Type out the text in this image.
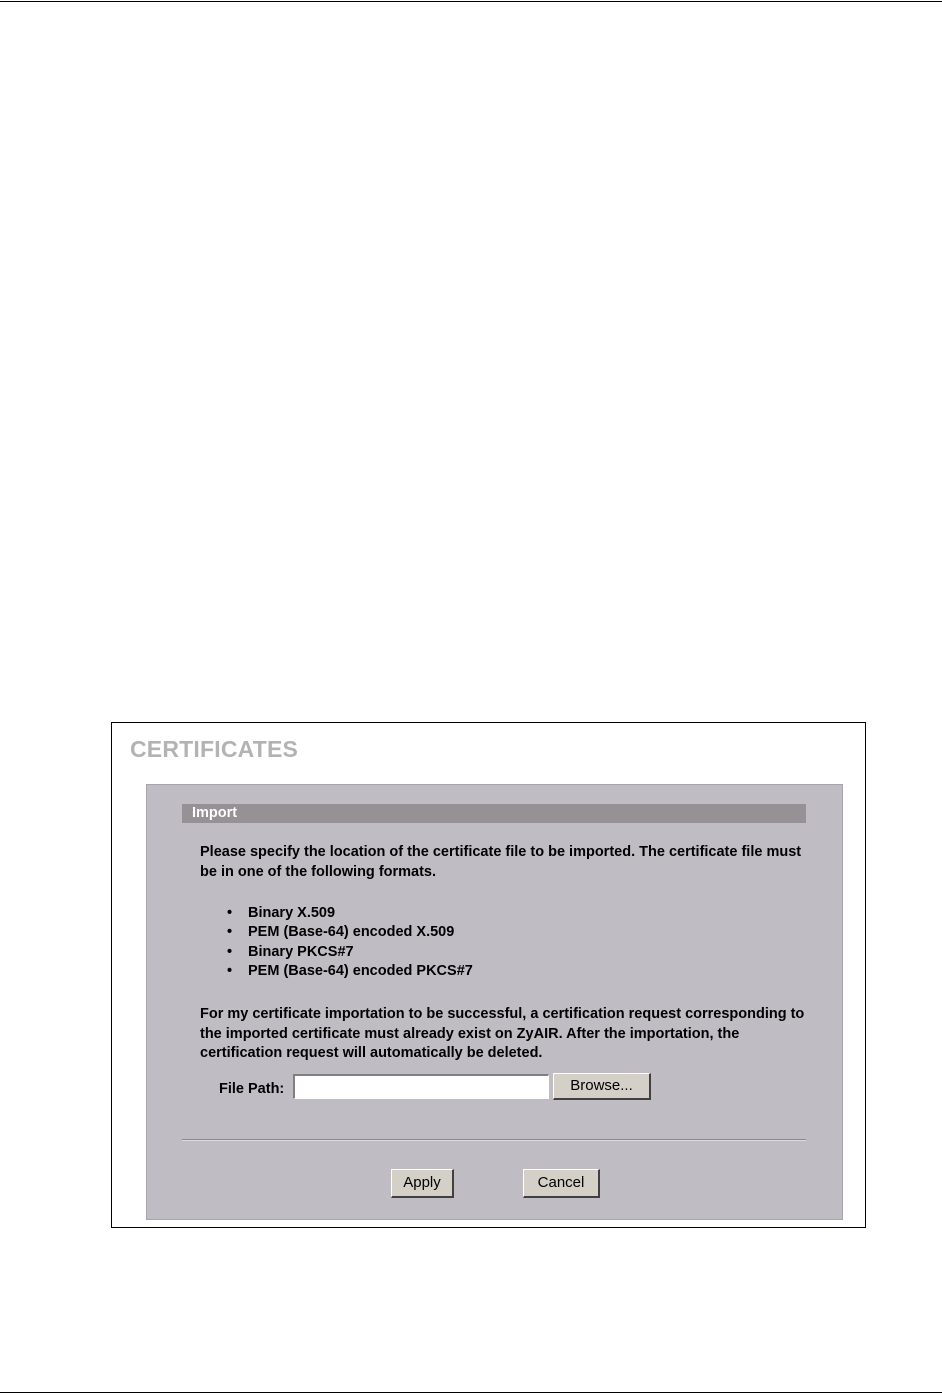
CERTIFICATES
Import
Please specify the location of the certificate file to be imported. The certificate file must be in one of the following formats.
• Binary X.509
• PEM (Base-64) encoded X.509
• Binary PKCS#7
• PEM (Base-64) encoded PKCS#7
For my certificate importation to be successful, a certification request corresponding to the imported certificate must already exist on ZyAIR. After the importation, the certification request will automatically be deleted.
File Path:	Browse...
Apply	Cancel
